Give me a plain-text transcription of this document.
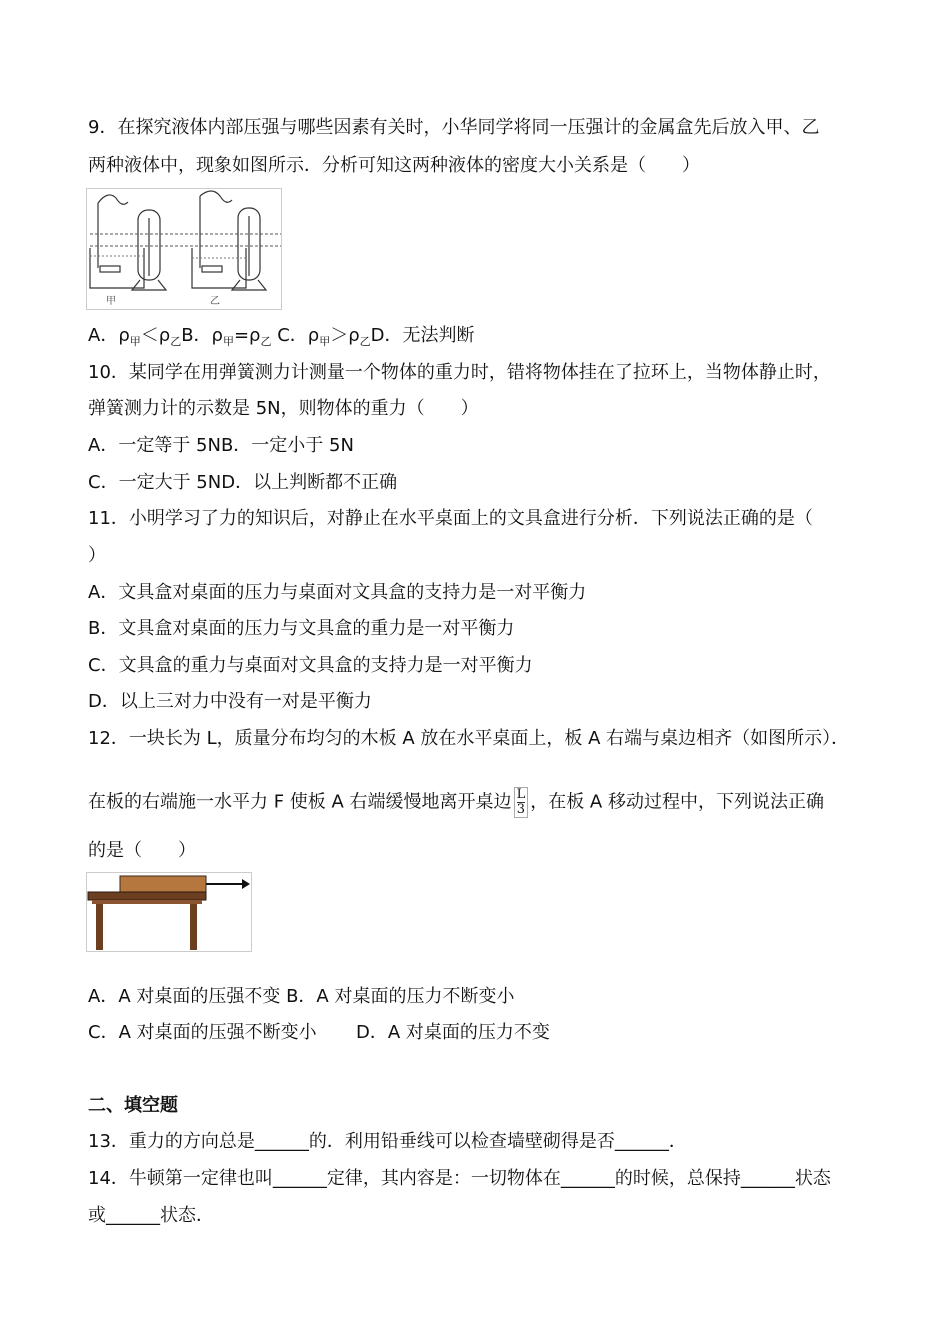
9．在探究液体内部压强与哪些因素有关时，小华同学将同一压强计的金属盒先后放入甲、乙
两种液体中，现象如图所示．分析可知这两种液体的密度大小关系是（　　）
甲	乙
A．$\rho_甲<\rho_乙B$．$\rho_甲=\rho_乙$ C．$\rho_甲>\rho_乙D$．无法判断
10．某同学在用弹簧测力计测量一个物体的重力时，错将物体挂在了拉环上，当物体静止时，
弹簧测力计的示数是 5N，则物体的重力（　　）
A．一定等于 5NB．一定小于 5N
C．一定大于 5ND．以上判断都不正确
11．小明学习了力的知识后，对静止在水平桌面上的文具盒进行分析．下列说法正确的是（
）
A．文具盒对桌面的压力与桌面对文具盒的支持力是一对平衡力
B．文具盒对桌面的压力与文具盒的重力是一对平衡力
C．文具盒的重力与桌面对文具盒的支持力是一对平衡力
D．以上三对力中没有一对是平衡力
12．一块长为 L，质量分布均匀的木板 A 放在水平桌面上，板 A 右端与桌边相齐（如图所示）．
在板的右端施一水平力 F 使板 A 右端缓慢地离开桌边 $\frac{L}{3}$ ，在板 A 移动过程中，下列说法正确
的是（　　）
A．A 对桌面的压强不变 B．A 对桌面的压力不断变小
C．A 对桌面的压强不断变小 D．A 对桌面的压力不变
二、填空题
13．重力的方向总是______的．利用铅垂线可以检查墙壁砌得是否______．
14．牛顿第一定律也叫______定律，其内容是：一切物体在______的时候，总保持______状态
或______状态．
